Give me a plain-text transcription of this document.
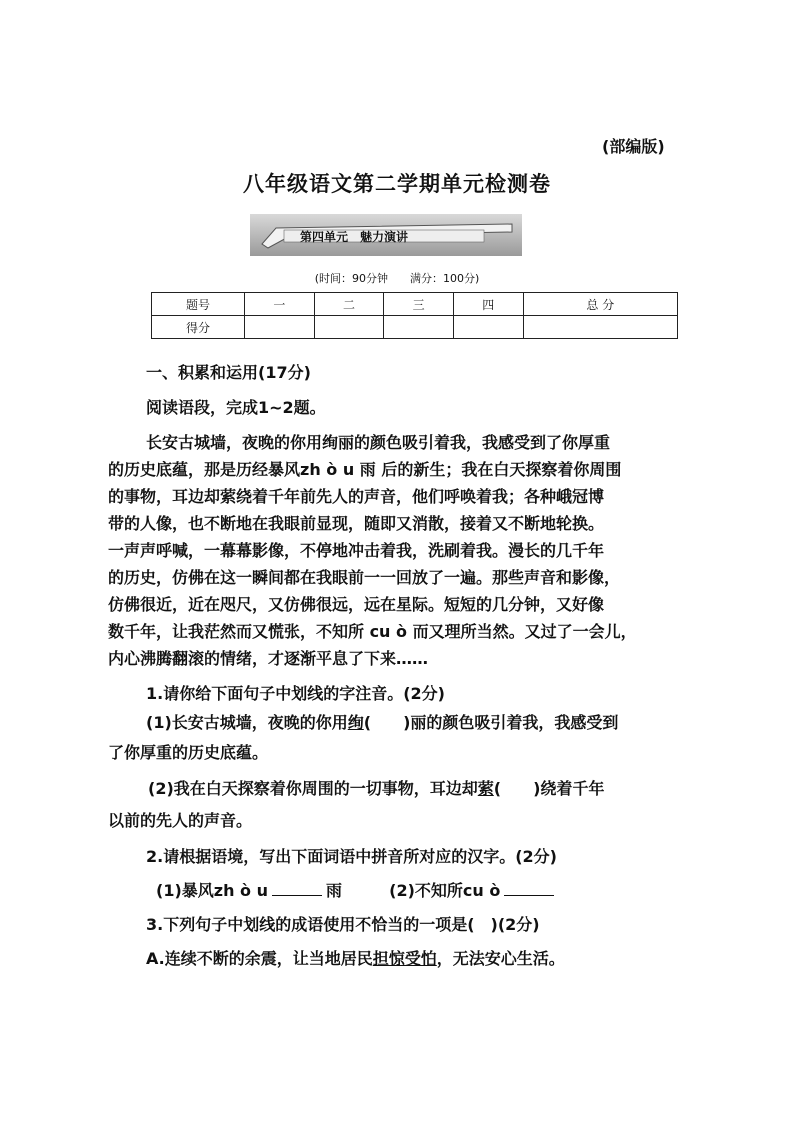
(部编版)
八年级语文第二学期单元检测卷
第四单元　魅力演讲
(时间：90分钟　　满分：100分)
题号	一	二	三	四	总 分
得分					
一、积累和运用(17分)
阅读语段，完成1~2题。
长安古城墙，夜晚的你用绚丽的颜色吸引着我，我感受到了你厚重
的历史底蕴，那是历经暴风zh ò u 雨 后的新生；我在白天探察着你周围
的事物，耳边却萦绕着千年前先人的声音，他们呼唤着我；各种峨冠博
带的人像，也不断地在我眼前显现，随即又消散，接着又不断地轮换。
一声声呼喊，一幕幕影像，不停地冲击着我，洗刷着我。漫长的几千年
的历史，仿佛在这一瞬间都在我眼前一一回放了一遍。那些声音和影像，
仿佛很近，近在咫尺，又仿佛很远，远在星际。短短的几分钟，又好像
数千年，让我茫然而又慌张，不知所 cu ò 而又理所当然。又过了一会儿，
内心沸腾翻滚的情绪，才逐渐平息了下来……
1.请你给下面句子中划线的字注音。(2分)
(1)长安古城墙，夜晚的你用绚(　　)丽的颜色吸引着我，我感受到
了你厚重的历史底蕴。
(2)我在白天探察着你周围的一切事物，耳边却萦(　　)绕着千年
以前的先人的声音。
2.请根据语境，写出下面词语中拼音所对应的汉字。(2分)
(1)暴风zh ò u	雨	(2)不知所cu ò
3.下列句子中划线的成语使用不恰当的一项是(　)(2分)
A.连续不断的余震，让当地居民担惊受怕，无法安心生活。
